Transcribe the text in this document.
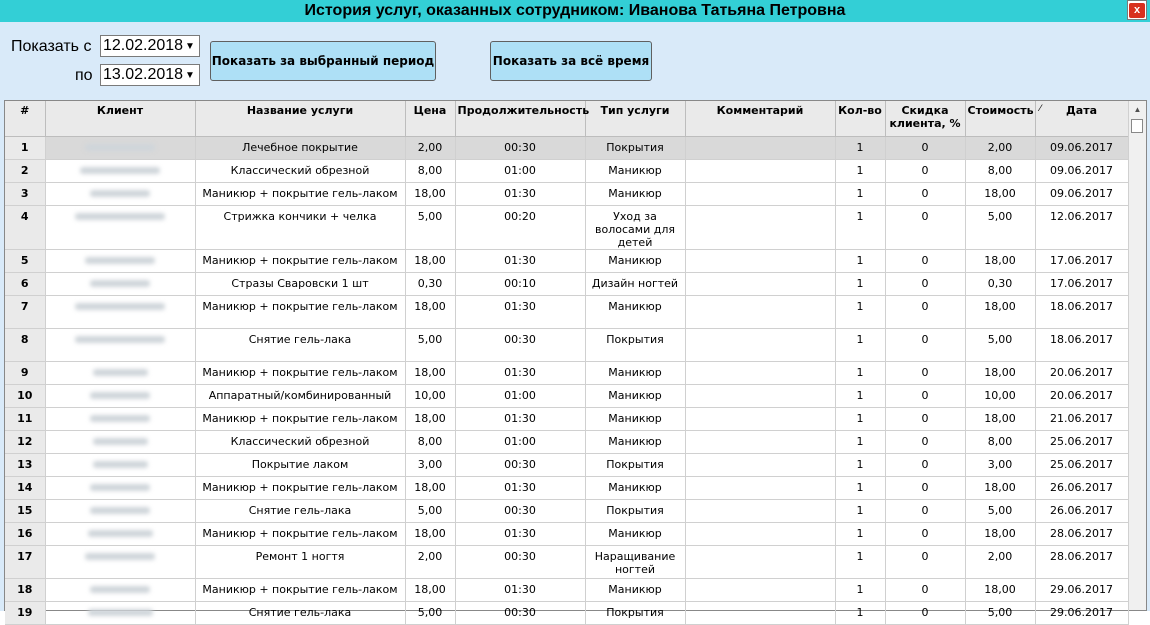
История услуг, оказанных сотрудником: Иванова Татьяна Петровна	x
Показать с 12.02.2018 ▼
по 13.02.2018 ▼
Показать за выбранный период	Показать за всё время
#	Клиент	Название услуги	Цена	Продолжительность	Тип услуги	Комментарий	Кол-во	Скидка клиента, %	Стоимость	⁄ Дата
1		Лечебное покрытие	2,00	00:30	Покрытия		1	0	2,00	09.06.2017
2		Классический обрезной	8,00	01:00	Маникюр		1	0	8,00	09.06.2017
3		Маникюр + покрытие гель-лаком	18,00	01:30	Маникюр		1	0	18,00	09.06.2017
4		Стрижка кончики + челка	5,00	00:20	Уход за волосами для детей		1	0	5,00	12.06.2017
5		Маникюр + покрытие гель-лаком	18,00	01:30	Маникюр		1	0	18,00	17.06.2017
6		Стразы Сваровски 1 шт	0,30	00:10	Дизайн ногтей		1	0	0,30	17.06.2017
7		Маникюр + покрытие гель-лаком	18,00	01:30	Маникюр		1	0	18,00	18.06.2017
8		Снятие гель-лака	5,00	00:30	Покрытия		1	0	5,00	18.06.2017
9		Маникюр + покрытие гель-лаком	18,00	01:30	Маникюр		1	0	18,00	20.06.2017
10		Аппаратный/комбинированный	10,00	01:00	Маникюр		1	0	10,00	20.06.2017
11		Маникюр + покрытие гель-лаком	18,00	01:30	Маникюр		1	0	18,00	21.06.2017
12		Классический обрезной	8,00	01:00	Маникюр		1	0	8,00	25.06.2017
13		Покрытие лаком	3,00	00:30	Покрытия		1	0	3,00	25.06.2017
14		Маникюр + покрытие гель-лаком	18,00	01:30	Маникюр		1	0	18,00	26.06.2017
15		Снятие гель-лака	5,00	00:30	Покрытия		1	0	5,00	26.06.2017
16		Маникюр + покрытие гель-лаком	18,00	01:30	Маникюр		1	0	18,00	28.06.2017
17		Ремонт 1 ногтя	2,00	00:30	Наращивание ногтей		1	0	2,00	28.06.2017
18		Маникюр + покрытие гель-лаком	18,00	01:30	Маникюр		1	0	18,00	29.06.2017
19		Снятие гель-лака	5,00	00:30	Покрытия		1	0	5,00	29.06.2017
▲
